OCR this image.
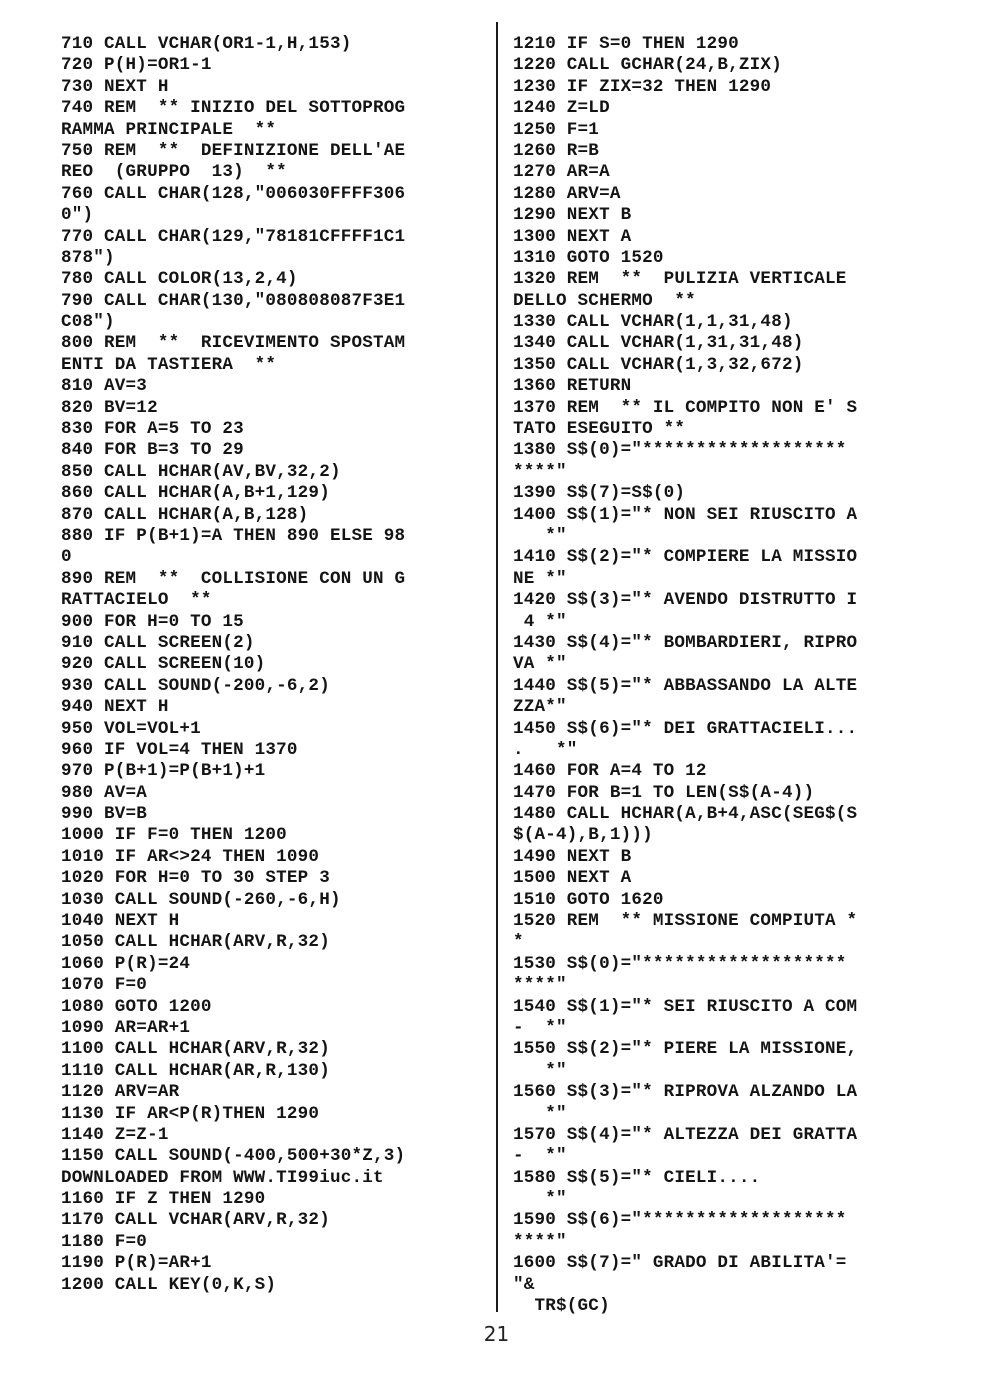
710 CALL VCHAR(OR1-1,H,153)
720 P(H)=OR1-1
730 NEXT H
740 REM  ** INIZIO DEL SOTTOPROG
RAMMA PRINCIPALE  **
750 REM  **  DEFINIZIONE DELL'AE
REO  (GRUPPO  13)  **
760 CALL CHAR(128,"006030FFFF306
0")
770 CALL CHAR(129,"78181CFFFF1C1
878")
780 CALL COLOR(13,2,4)
790 CALL CHAR(130,"080808087F3E1
C08")
800 REM  **  RICEVIMENTO SPOSTAM
ENTI DA TASTIERA  **
810 AV=3
820 BV=12
830 FOR A=5 TO 23
840 FOR B=3 TO 29
850 CALL HCHAR(AV,BV,32,2)
860 CALL HCHAR(A,B+1,129)
870 CALL HCHAR(A,B,128)
880 IF P(B+1)=A THEN 890 ELSE 98
0
890 REM  **  COLLISIONE CON UN G
RATTACIELO  **
900 FOR H=0 TO 15
910 CALL SCREEN(2)
920 CALL SCREEN(10)
930 CALL SOUND(-200,-6,2)
940 NEXT H
950 VOL=VOL+1
960 IF VOL=4 THEN 1370
970 P(B+1)=P(B+1)+1
980 AV=A
990 BV=B
1000 IF F=0 THEN 1200
1010 IF AR<>24 THEN 1090
1020 FOR H=0 TO 30 STEP 3
1030 CALL SOUND(-260,-6,H)
1040 NEXT H
1050 CALL HCHAR(ARV,R,32)
1060 P(R)=24
1070 F=0
1080 GOTO 1200
1090 AR=AR+1
1100 CALL HCHAR(ARV,R,32)
1110 CALL HCHAR(AR,R,130)
1120 ARV=AR
1130 IF AR<P(R)THEN 1290
1140 Z=Z-1
1150 CALL SOUND(-400,500+30*Z,3)
DOWNLOADED FROM WWW.TI99iuc.it
1160 IF Z THEN 1290
1170 CALL VCHAR(ARV,R,32)
1180 F=0
1190 P(R)=AR+1
1200 CALL KEY(0,K,S)
1210 IF S=0 THEN 1290
1220 CALL GCHAR(24,B,ZIX)
1230 IF ZIX=32 THEN 1290
1240 Z=LD
1250 F=1
1260 R=B
1270 AR=A
1280 ARV=A
1290 NEXT B
1300 NEXT A
1310 GOTO 1520
1320 REM  **  PULIZIA VERTICALE
DELLO SCHERMO  **
1330 CALL VCHAR(1,1,31,48)
1340 CALL VCHAR(1,31,31,48)
1350 CALL VCHAR(1,3,32,672)
1360 RETURN
1370 REM  ** IL COMPITO NON E' S
TATO ESEGUITO **
1380 S$(0)="*******************
****"
1390 S$(7)=S$(0)
1400 S$(1)="* NON SEI RIUSCITO A
*"
1410 S$(2)="* COMPIERE LA MISSIO
NE *"
1420 S$(3)="* AVENDO DISTRUTTO I
4 *"
1430 S$(4)="* BOMBARDIERI, RIPRO
VA *"
1440 S$(5)="* ABBASSANDO LA ALTE
ZZA*"
1450 S$(6)="* DEI GRATTACIELI...
.   *"
1460 FOR A=4 TO 12
1470 FOR B=1 TO LEN(S$(A-4))
1480 CALL HCHAR(A,B+4,ASC(SEG$(S
$(A-4),B,1)))
1490 NEXT B
1500 NEXT A
1510 GOTO 1620
1520 REM  ** MISSIONE COMPIUTA *
*
1530 S$(0)="*******************
****"
1540 S$(1)="* SEI RIUSCITO A COM
-  *"
1550 S$(2)="* PIERE LA MISSIONE,
*"
1560 S$(3)="* RIPROVA ALZANDO LA
*"
1570 S$(4)="* ALTEZZA DEI GRATTA
-  *"
1580 S$(5)="* CIELI....
*"
1590 S$(6)="*******************
****"
1600 S$(7)=" GRADO DI ABILITA'=
"&
TR$(GC)
21
